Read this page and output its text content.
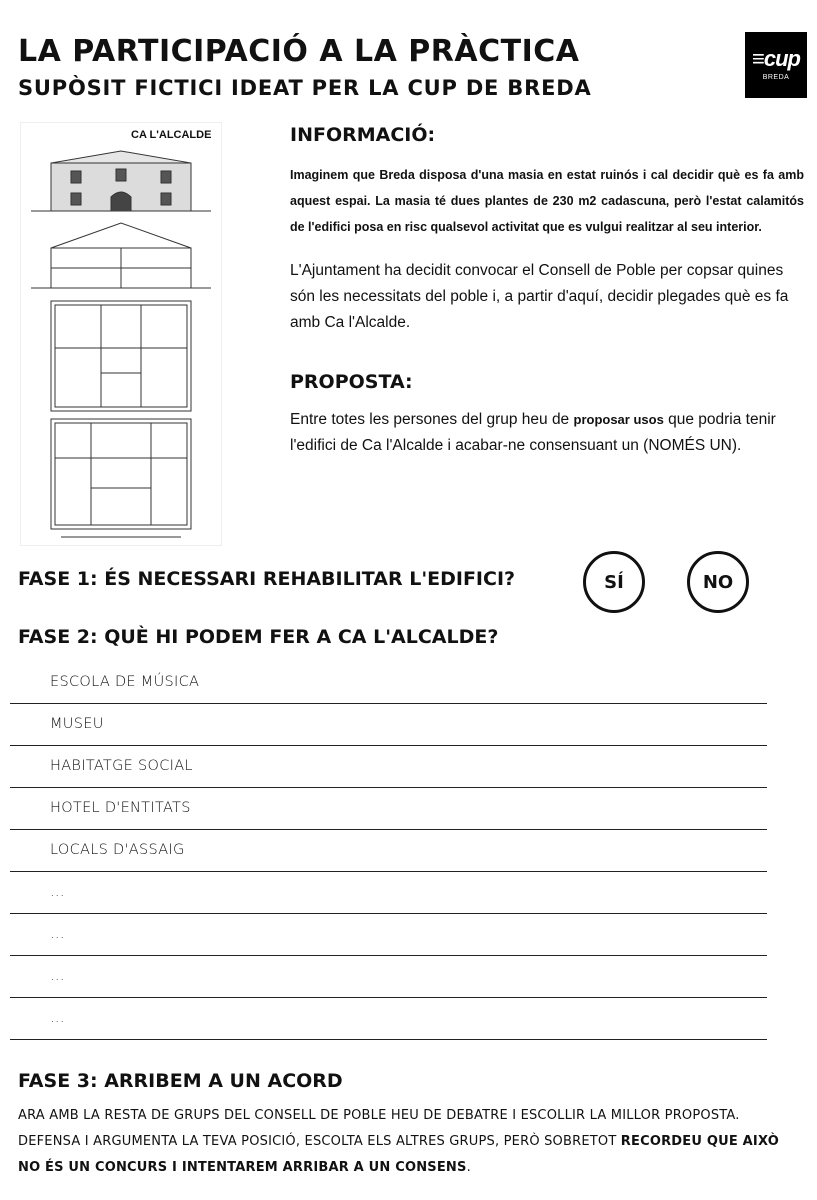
LA PARTICIPACIÓ A LA PRÀCTICA
SUPÒSIT FICTICI IDEAT PER LA CUP DE BREDA
≡cup
BREDA
CA L'ALCALDE	INFORMACIÓ:

Imaginem que Breda disposa d'una masia en estat ruinós i cal decidir què es fa amb aquest espai. La masia té dues plantes de 230 m2 cadascuna, però l'estat calamitós de l'edifici posa en risc qualsevol activitat que es vulgui realitzar al seu interior.

L'Ajuntament ha decidit convocar el Consell de Poble per copsar quines són les necessitats del poble i, a partir d'aquí, decidir plegades què es fa amb Ca l'Alcalde.

PROPOSTA:

Entre totes les persones del grup heu de proposar usos que podria tenir l'edifici de Ca l'Alcalde i acabar-ne consensuant un (NOMÉS UN).

FASE 1: ÉS NECESSARI REHABILITAR L'EDIFICI?	SÍ	NO
FASE 2: QUÈ HI PODEM FER A CA L'ALCALDE?
ESCOLA DE MÚSICA
MUSEU
HABITATGE SOCIAL
HOTEL D'ENTITATS
LOCALS D'ASSAIG
...
...
...
...
FASE 3: ARRIBEM A UN ACORD

ARA AMB LA RESTA DE GRUPS DEL CONSELL DE POBLE HEU DE DEBATRE I ESCOLLIR LA MILLOR PROPOSTA. DEFENSA I ARGUMENTA LA TEVA POSICIÓ, ESCOLTA ELS ALTRES GRUPS, PERÒ SOBRETOT RECORDEU QUE AIXÒ NO ÉS UN CONCURS I INTENTAREM ARRIBAR A UN CONSENS.
